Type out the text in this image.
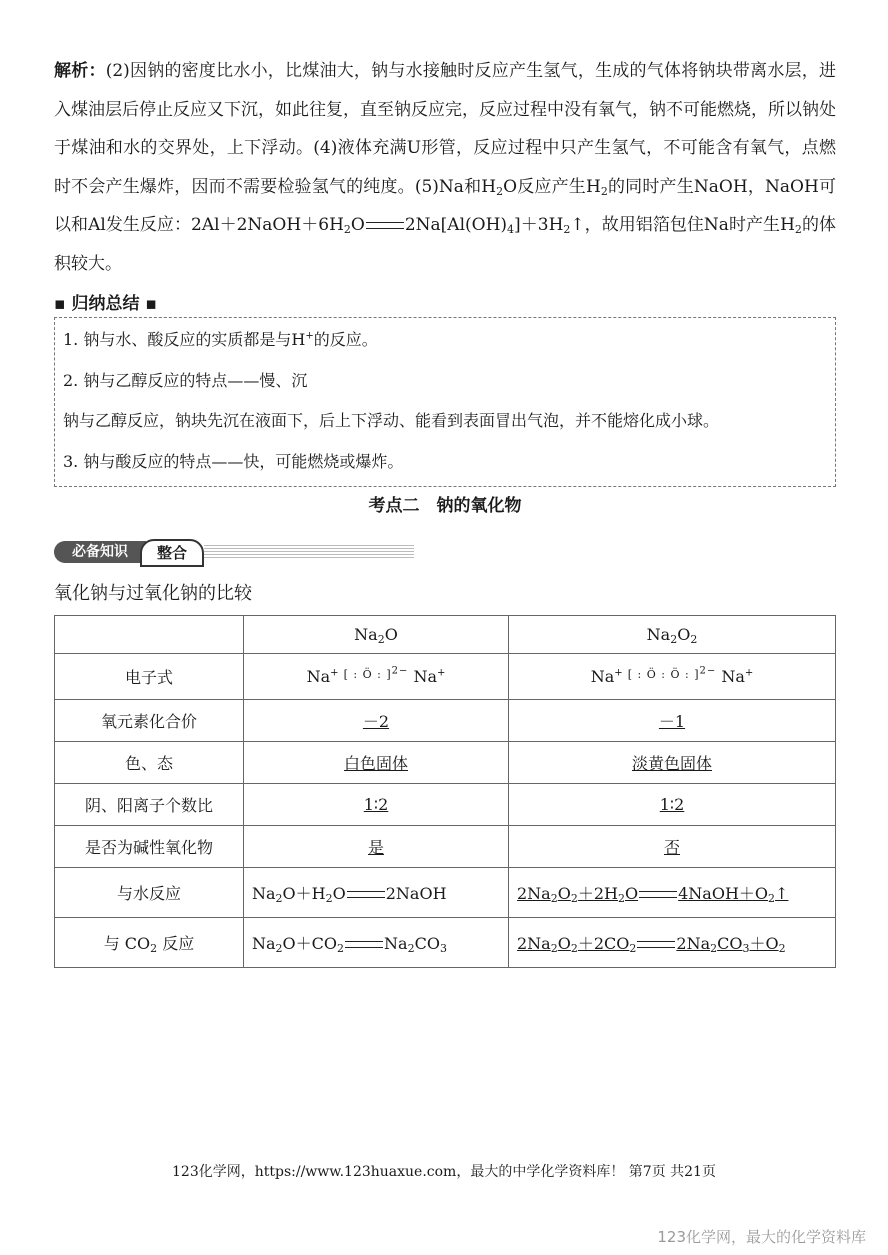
解析：(2)因钠的密度比水小，比煤油大，钠与水接触时反应产生氢气，生成的气体将钠块带离水层，进入煤油层后停止反应又下沉，如此往复，直至钠反应完，反应过程中没有氧气，钠不可能燃烧，所以钠处于煤油和水的交界处，上下浮动。(4)液体充满U形管，反应过程中只产生氢气，不可能含有氧气，点燃时不会产生爆炸，因而不需要检验氢气的纯度。(5)Na和$H_2O$反应产生$H_2$的同时产生NaOH，NaOH可以和Al发生反应：$2Al+2NaOH+6H_2O$ $2Na[Al(OH)_4]+3H_2↑$，故用铝箔包住Na时产生$H_2$的体积较大。

▪ 归纳总结 ▪

1. 钠与水、酸反应的实质都是与H+的反应。

2. 钠与乙醇反应的特点——慢、沉

钠与乙醇反应，钠块先沉在液面下，后上下浮动、能看到表面冒出气泡，并不能熔化成小球。

3. 钠与酸反应的特点——快，可能燃烧或爆炸。

考点二　钠的氧化物
必备知识	整合
氧化钠与过氧化钠的比较
	$Na_2O$	$Na_2O_2$
电子式	Na+ $^{[ : Ö : ]^{2-}}$ Na+	Na+ $^{[ : Ö : Ö : ]^{2-}}$ Na+
氧元素化合价	－2	－1
色、态	白色固体	淡黄色固体
阴、阳离子个数比	1∶2	1∶2
是否为碱性氧化物	是	否
与水反应	$Na_2O+H_2O$ 2NaOH	$2Na_2O_2+2H_2O$ $4NaOH+O_2↑$
与 $CO_2$ 反应	$Na_2O+CO_2$ $Na_2CO_3$	$2Na_2O_2+2CO_2$ $2Na_2CO_3+O_2$
123化学网，https://www.123huaxue.com，最大的中学化学资料库！ 第7页 共21页
123化学网，最大的化学资料库
